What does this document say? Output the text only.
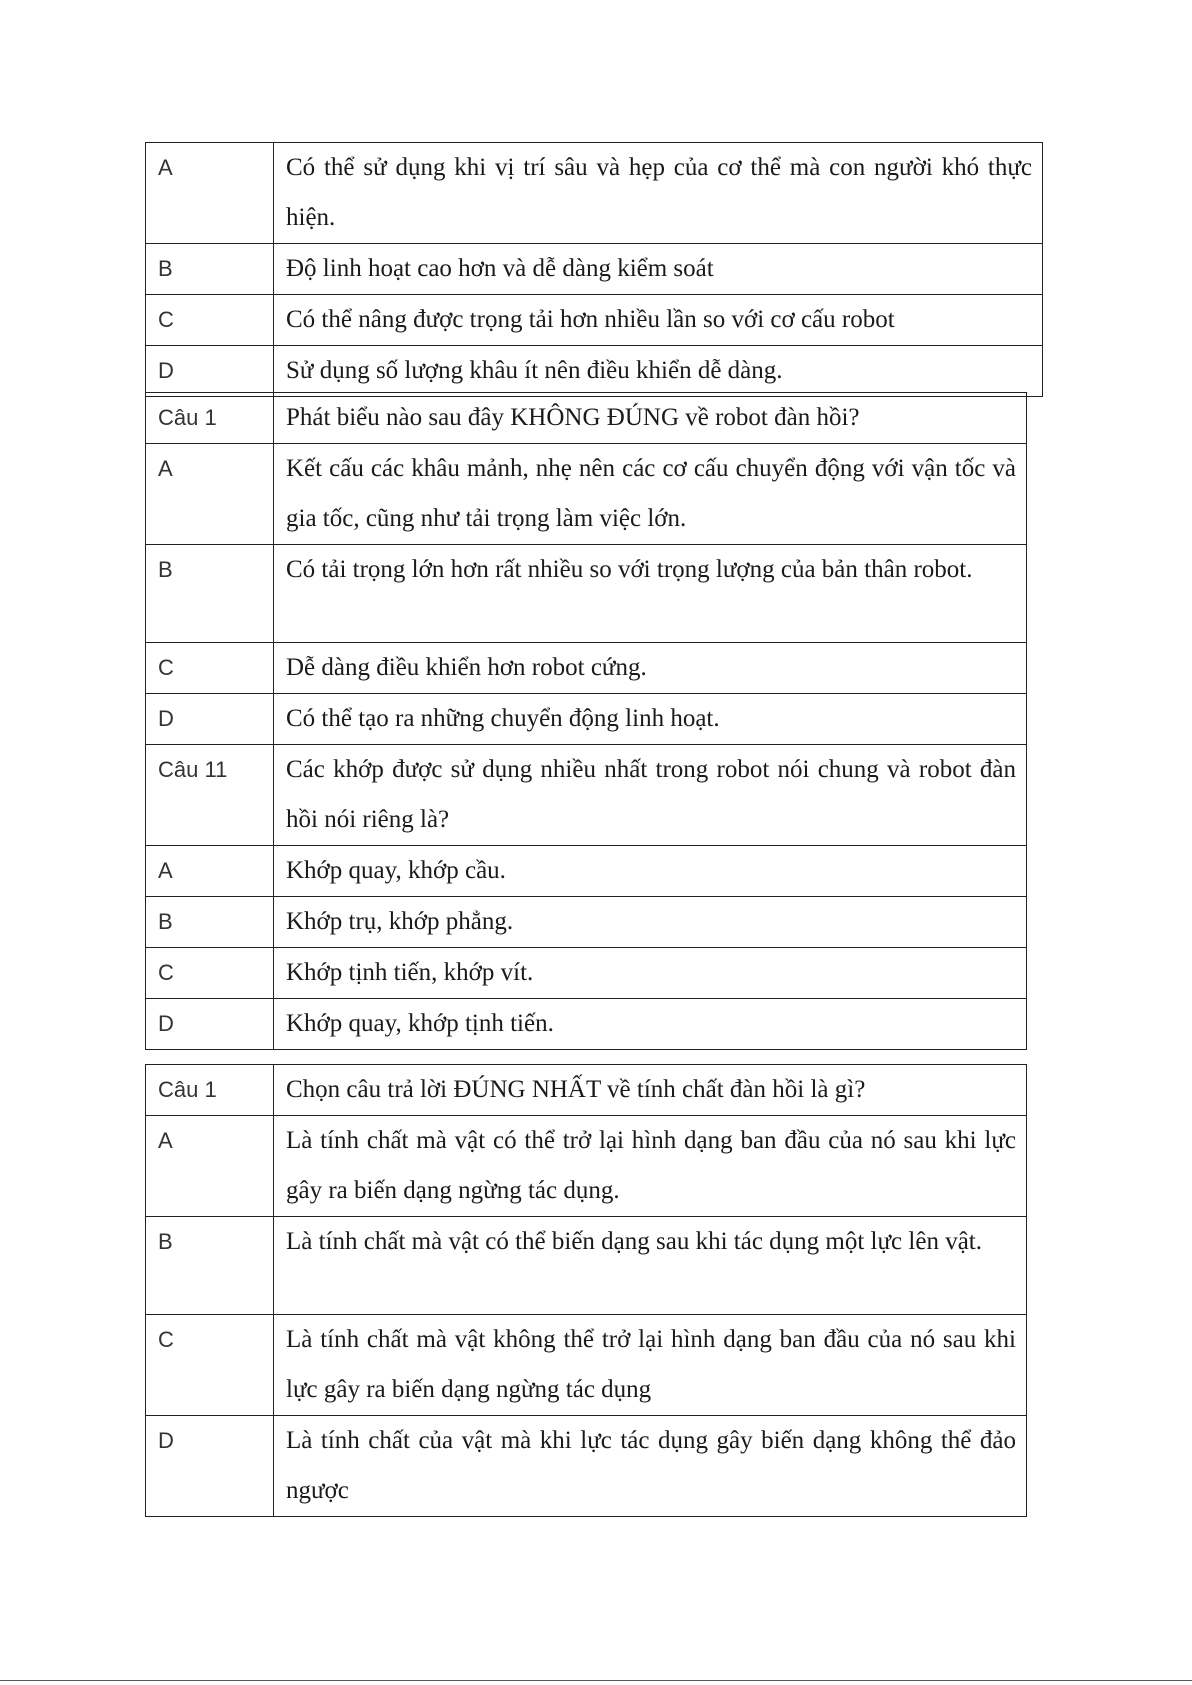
A	Có thể sử dụng khi vị trí sâu và hẹp của cơ thể mà con người khó thực hiện.
B	Độ linh hoạt cao hơn và dễ dàng kiểm soát
C	Có thể nâng được trọng tải hơn nhiều lần so với cơ cấu robot
D	Sử dụng số lượng khâu ít nên điều khiển dễ dàng.
Câu 1	Phát biểu nào sau đây KHÔNG ĐÚNG về robot đàn hồi?
A	Kết cấu các khâu mảnh, nhẹ nên các cơ cấu chuyển động với vận tốc và gia tốc, cũng như tải trọng làm việc lớn.
B	Có tải trọng lớn hơn rất nhiều so với trọng lượng của bản thân robot.
C	Dễ dàng điều khiển hơn robot cứng.
D	Có thể tạo ra những chuyển động linh hoạt.
Câu 11	Các khớp được sử dụng nhiều nhất trong robot nói chung và robot đàn hồi nói riêng là?
A	Khớp quay, khớp cầu.
B	Khớp trụ, khớp phẳng.
C	Khớp tịnh tiến, khớp vít.
D	Khớp quay, khớp tịnh tiến.
Câu 1	Chọn câu trả lời ĐÚNG NHẤT về tính chất đàn hồi là gì?
A	Là tính chất mà vật có thể trở lại hình dạng ban đầu của nó sau khi lực gây ra biến dạng ngừng tác dụng.
B	Là tính chất mà vật có thể biến dạng sau khi tác dụng một lực lên vật.
C	Là tính chất mà vật không thể trở lại hình dạng ban đầu của nó sau khi lực gây ra biến dạng ngừng tác dụng
D	Là tính chất của vật mà khi lực tác dụng gây biến dạng không thể đảo ngược
